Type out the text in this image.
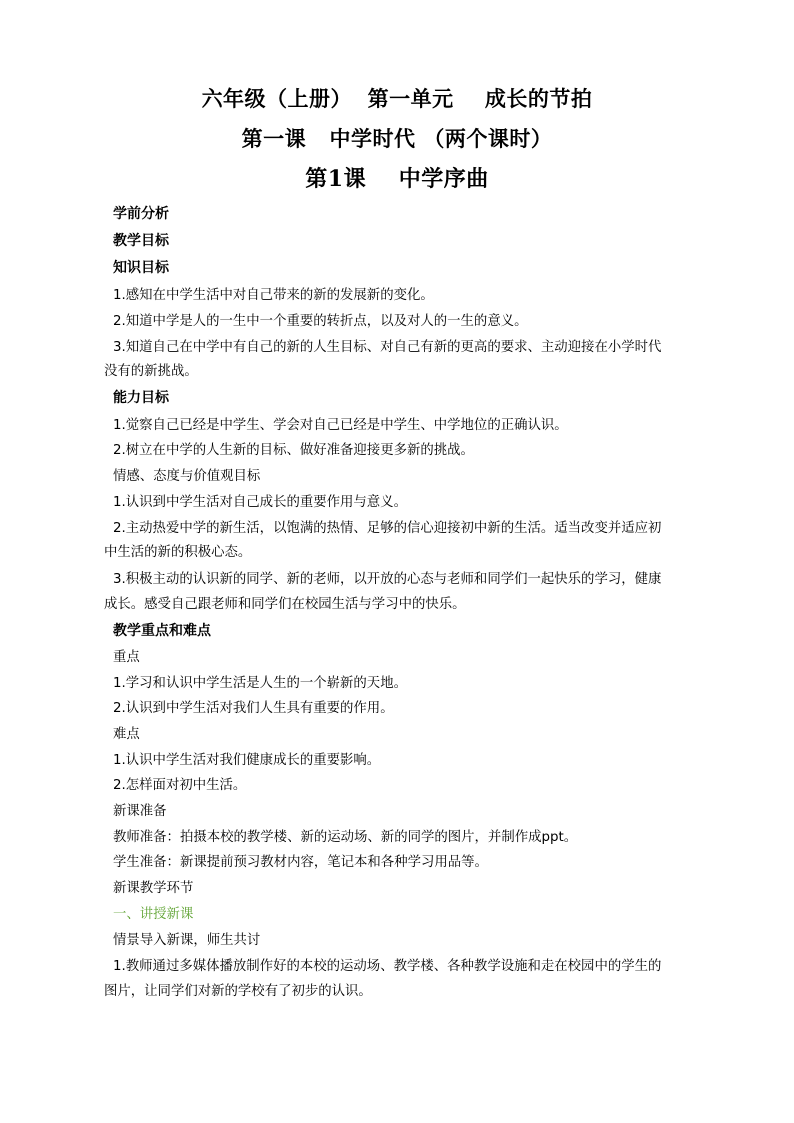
六年级（上册）  第一单元    成长的节拍
第一课   中学时代 （两个课时）
第1课    中学序曲
学前分析
教学目标
知识目标
1.感知在中学生活中对自己带来的新的发展新的变化。
2.知道中学是人的一生中一个重要的转折点，以及对人的一生的意义。
3.知道自己在中学中有自己的新的人生目标、对自己有新的更高的要求、主动迎接在小学时代
没有的新挑战。
能力目标
1.觉察自己已经是中学生、学会对自己已经是中学生、中学地位的正确认识。
2.树立在中学的人生新的目标、做好准备迎接更多新的挑战。
情感、态度与价值观目标
1.认识到中学生活对自己成长的重要作用与意义。
2.主动热爱中学的新生活，以饱满的热情、足够的信心迎接初中新的生活。适当改变并适应初
中生活的新的积极心态。
3.积极主动的认识新的同学、新的老师，以开放的心态与老师和同学们一起快乐的学习，健康
成长。感受自己跟老师和同学们在校园生活与学习中的快乐。
教学重点和难点
重点
1.学习和认识中学生活是人生的一个崭新的天地。
2.认识到中学生活对我们人生具有重要的作用。
难点
1.认识中学生活对我们健康成长的重要影响。
2.怎样面对初中生活。
新课准备
教师准备：拍摄本校的教学楼、新的运动场、新的同学的图片，并制作成ppt。
学生准备：新课提前预习教材内容，笔记本和各种学习用品等。
新课教学环节
一、讲授新课
情景导入新课，师生共讨
1.教师通过多媒体播放制作好的本校的运动场、教学楼、各种教学设施和走在校园中的学生的
图片，让同学们对新的学校有了初步的认识。
